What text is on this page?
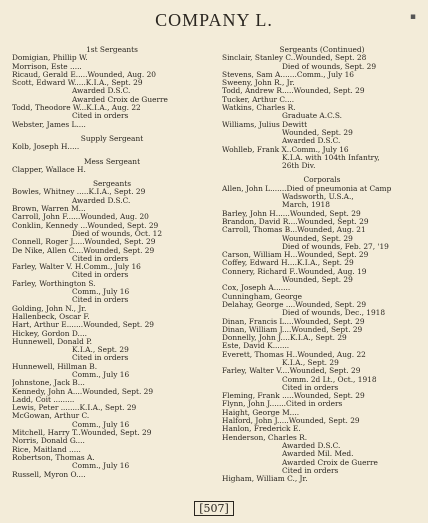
COMPANY L.	▪
1st Sergeants
Domigian, Phillip W.
Morrison, Este .....
Ricaud, Gerald E.....Wounded, Aug. 20
Scott, Edward W.....K.I.A., Sept. 29
Awarded D.S.C.
Awarded Croix de Guerre
Todd, Theodore W...K.I.A., Aug. 22
Cited in orders
Webster, James L....
Supply Sergeant
Kolb, Joseph H.....
Mess Sergeant
Clapper, Wallace H.
Sergeants
Bowles, Whitney .....K.I.A., Sept. 29
Awarded D.S.C.
Brown, Warren M...
Carroll, John F......Wounded, Aug. 20
Conklin, Kennedy ...Wounded, Sept. 29
Died of wounds, Oct. 12
Connell, Roger J.....Wounded, Sept. 29
De Nike, Allen C....Wounded, Sept. 29
Cited in orders
Farley, Walter V. H.Comm., July 16
Cited in orders
Farley, Worthington S.
Comm., July 16
Cited in orders
Golding, John N., Jr.
Hallenbeck, Oscar F.
Hart, Arthur E.......Wounded, Sept. 29
Hickey, Gordon D....
Hunnewell, Donald P.
K.I.A., Sept. 29
Cited in orders
Hunnewell, Hillman B.
Comm., July 16
Johnstone, Jack B...
Kennedy, John A....Wounded, Sept. 29
Ladd, Coit .........
Lewis, Peter ........K.I.A., Sept. 29
McGowan, Arthur C.
Comm., July 16
Mitchell, Harry T..Wounded, Sept. 29
Norris, Donald G....
Rice, Maitland .....
Robertson, Thomas A.
Comm., July 16
Russell, Myron O....
Sergeants (Continued)
Sinclair, Stanley C..Wounded, Sept. 28
Died of wounds, Sept. 29
Stevens, Sam A.......Comm., July 16
Sweeny, John R., Jr.
Todd, Andrew R.....Wounded, Sept. 29
Tucker, Arthur C....
Watkins, Charles R.
Graduate A.C.S.
Williams, Julius Dewitt
Wounded, Sept. 29
Awarded D.S.C.
Wohlleb, Frank X..Comm., July 16
K.I.A. with 104th Infantry,
26th Div.
Corporals
Allen, John L.......Died of pneumonia at Camp
Wadsworth, U.S.A.,
March, 1918
Barley, John H......Wounded, Sept. 29
Brandon, David R....Wounded, Sept. 29
Carroll, Thomas B...Wounded, Aug. 21
Wounded, Sept. 29
Died of wounds, Feb. 27, '19
Carson, William H...Wounded, Sept. 29
Coffey, Edward H....K.I.A., Sept. 29
Connery, Richard F..Wounded, Aug. 19
Wounded, Sept. 29
Cox, Joseph A.......
Cunningham, George
Delahay, George ....Wounded, Sept. 29
Died of wounds, Dec., 1918
Dinan, Francis L....Wounded, Sept. 29
Dinan, William J....Wounded, Sept. 29
Donnelly, John J....K.I.A., Sept. 29
Este, David K.......
Everett, Thomas H..Wounded, Aug. 22
K.I.A., Sept. 29
Farley, Walter V....Wounded, Sept. 29
Comm. 2d Lt., Oct., 1918
Cited in orders
Fleming, Frank .....Wounded, Sept. 29
Flynn, John J.......Cited in orders
Haight, George M....
Halford, John J.....Wounded, Sept. 29
Hanlon, Frederick E.
Henderson, Charles R.
Awarded D.S.C.
Awarded Mil. Med.
Awarded Croix de Guerre
Cited in orders
Higham, William C., Jr.
[507]
